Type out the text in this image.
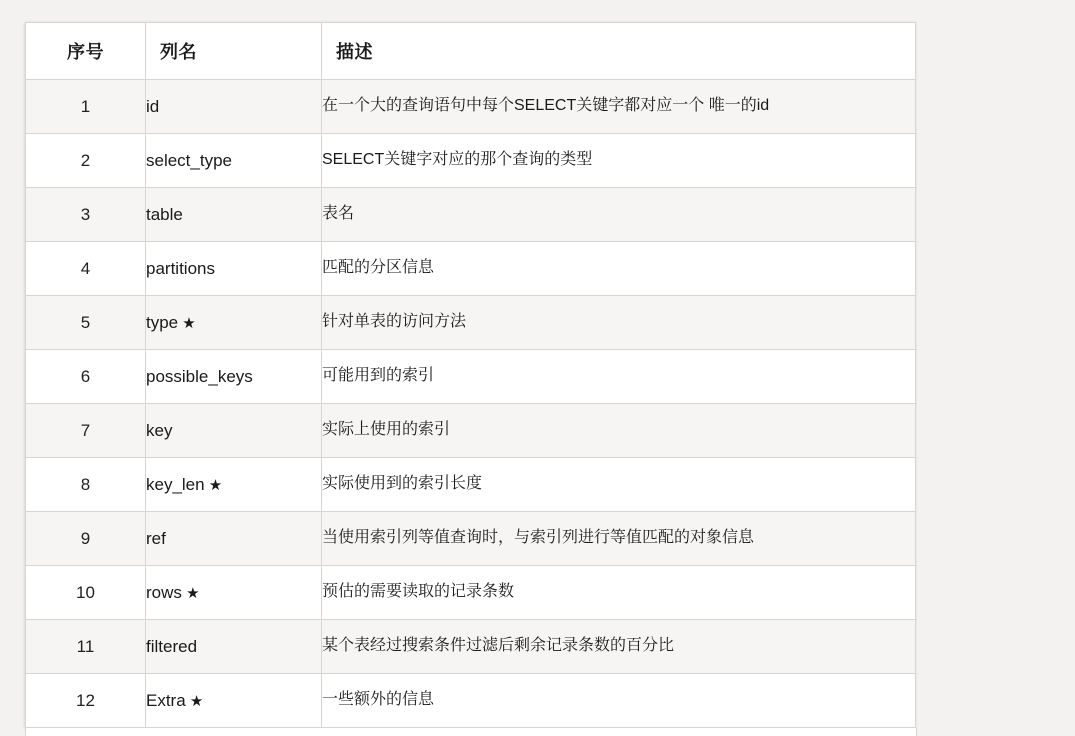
序号	列名	描述
1	id	在一个大的查询语句中每个SELECT关键字都对应一个 唯一的id
2	select_type	SELECT关键字对应的那个查询的类型
3	table	表名
4	partitions	匹配的分区信息
5	type ★	针对单表的访问方法
6	possible_keys	可能用到的索引
7	key	实际上使用的索引
8	key_len ★	实际使用到的索引长度
9	ref	当使用索引列等值查询时，与索引列进行等值匹配的对象信息
10	rows ★	预估的需要读取的记录条数
11	filtered	某个表经过搜索条件过滤后剩余记录条数的百分比
12	Extra ★	一些额外的信息
